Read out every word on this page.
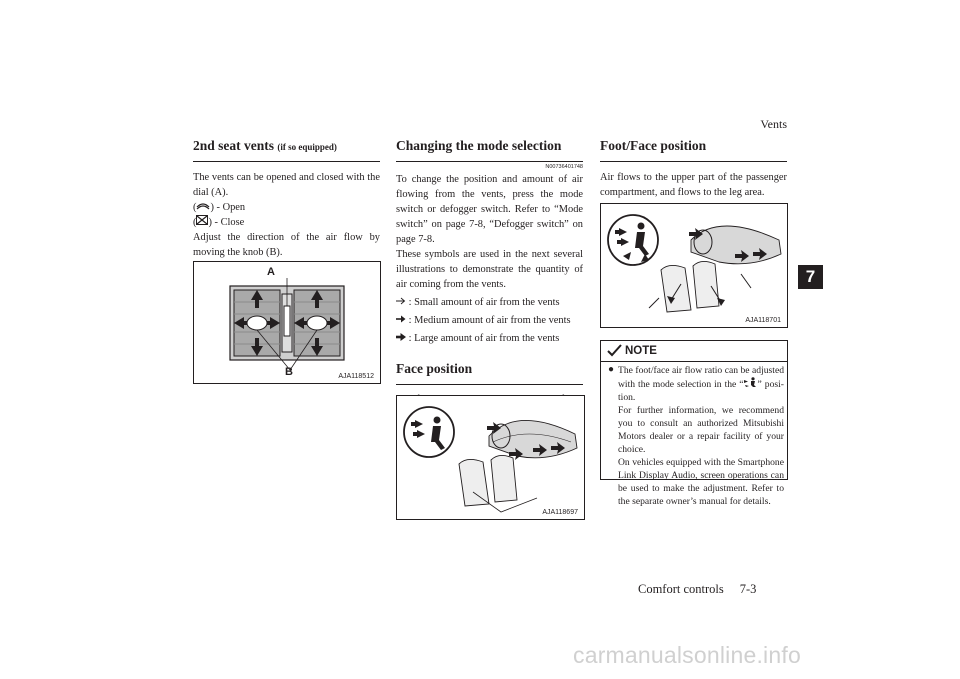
Vents
7
Comfort controls 7-3
carmanualsonline.info
2nd seat vents (if so equipped)
The vents can be opened and closed with the dial (A).
( ) - Open
( ) - Close
Adjust the direction of the air flow by moving the knob (B).
A
B	AJA118512
Changing the mode selection
N00736401748
To change the position and amount of air flowing from the vents, press the mode switch or defogger switch. Refer to “Mode switch” on page 7-8, “Defogger switch” on page 7-8.
These symbols are used in the next several illustrations to demonstrate the quantity of air coming from the vents.
: Small amount of air from the vents
: Medium amount of air from the vents
: Large amount of air from the vents
Face position
AJA118697
Foot/Face position
Air flows to the upper part of the passenger compartment, and flows to the leg area.
AJA118701
NOTE
● The foot/face air flow ratio can be adjusted with the mode selection in the “ ” posi-tion.
For further information, we recommend you to consult an authorized Mitsubishi Motors dealer or a repair facility of your choice.
On vehicles equipped with the Smartphone Link Display Audio, screen operations can be used to make the adjustment. Refer to the separate owner’s manual for details.
